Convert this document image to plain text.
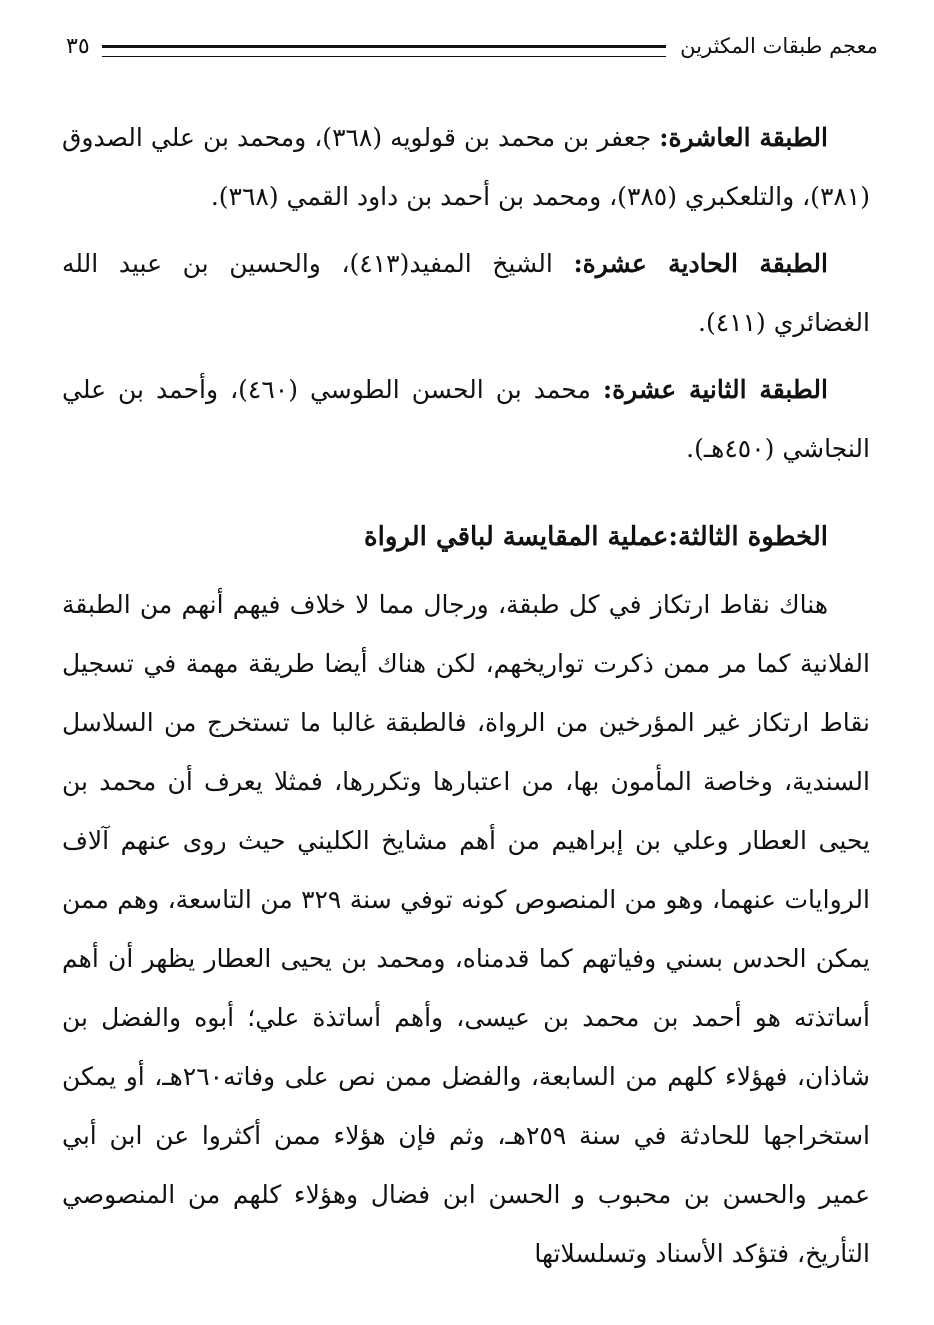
معجم طبقات المكثرين
٣٥

الطبقة العاشرة: جعفر بن محمد بن قولويه (٣٦٨)، ومحمد بن علي الصدوق (٣٨١)، والتلعكبري (٣٨٥)، ومحمد بن أحمد بن داود القمي (٣٦٨).

الطبقة الحادية عشرة: الشيخ المفيد(٤١٣)، والحسين بن عبيد الله الغضائري (٤١١).

الطبقة الثانية عشرة: محمد بن الحسن الطوسي (٤٦٠)، وأحمد بن علي النجاشي (٤٥٠هـ).

الخطوة الثالثة:عملية المقايسة لباقي الرواة

هناك نقاط ارتكاز في كل طبقة، ورجال مما لا خلاف فيهم أنهم من الطبقة الفلانية كما مر ممن ذكرت تواريخهم، لكن هناك أيضا طريقة مهمة في تسجيل نقاط ارتكاز غير المؤرخين من الرواة، فالطبقة غالبا ما تستخرج من السلاسل السندية، وخاصة المأمون بها، من اعتبارها وتكررها، فمثلا يعرف أن محمد بن يحيى العطار وعلي بن إبراهيم من أهم مشايخ الكليني حيث روى عنهم آلاف الروايات عنهما، وهو من المنصوص كونه توفي سنة ٣٢٩ من التاسعة، وهم ممن يمكن الحدس بسني وفياتهم كما قدمناه، ومحمد بن يحيى العطار يظهر أن أهم أساتذته هو أحمد بن محمد بن عيسى، وأهم أساتذة علي؛ أبوه والفضل بن شاذان، فهؤلاء كلهم من السابعة، والفضل ممن نص على وفاته٢٦٠هـ، أو يمكن استخراجها للحادثة في سنة ٢٥٩هـ، وثم فإن هؤلاء ممن أكثروا عن ابن أبي عمير والحسن بن محبوب و الحسن ابن فضال وهؤلاء كلهم من المنصوصي التأريخ، فتؤكد الأسناد وتسلسلاتها
